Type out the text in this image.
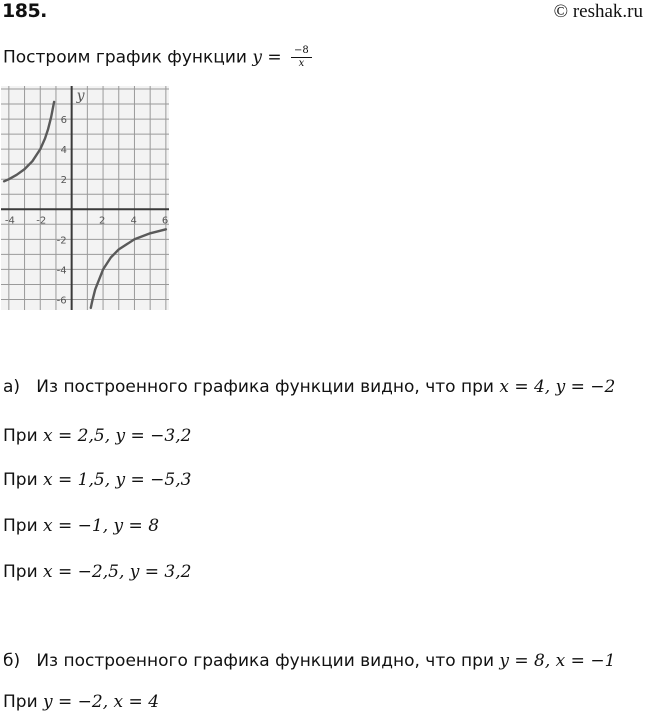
185.	© reshak.ru
Построим график функции $y = \frac{-8}{x}$
y
-4 -2	2	4	6
6
4
2
-2
-4
-6
а) Из построенного графика функции видно, что при x = 4, y = −2
При x = 2,5, y = −3,2
При x = 1,5, y = −5,3
При x = −1, y = 8
При x = −2,5, y = 3,2
б) Из построенного графика функции видно, что при y = 8, x = −1
При y = −2, x = 4
